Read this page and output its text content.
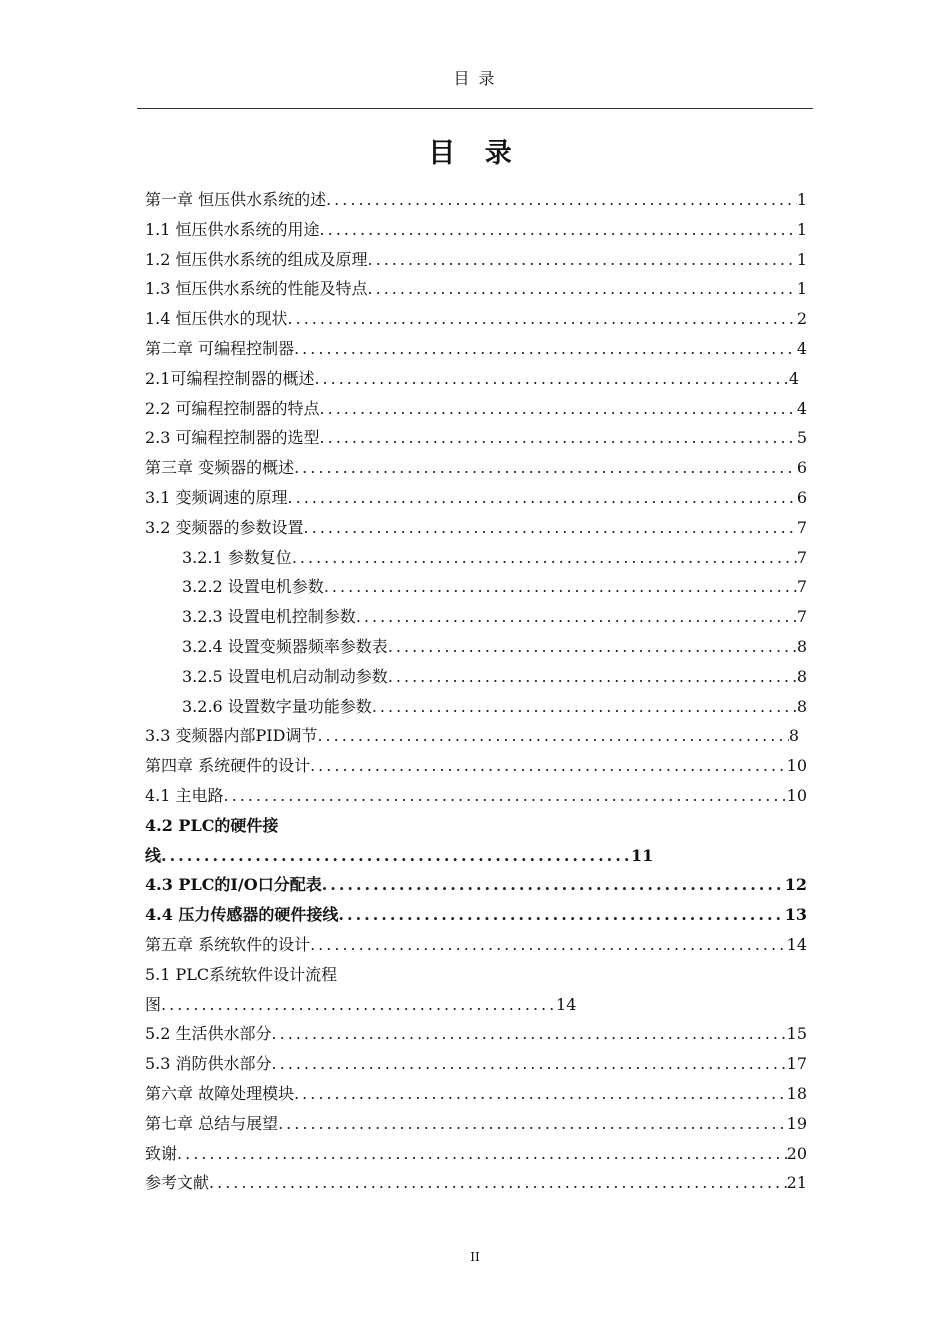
目 录
目 录
第一章 恒压供水系统的述 .....	1
1.1 恒压供水系统的用途 .....	1
1.2 恒压供水系统的组成及原理 .....	1
1.3 恒压供水系统的性能及特点 .....	1
1.4 恒压供水的现状 .....	2
第二章 可编程控制器 .....	4
2.1可编程控制器的概述 .....	4
2.2 可编程控制器的特点 .....	4
2.3 可编程控制器的选型 .....	5
第三章 变频器的概述 .....	6
3.1 变频调速的原理 .....	6
3.2 变频器的参数设置 .....	7
3.2.1 参数复位 .....	7
3.2.2 设置电机参数 .....	7
3.2.3 设置电机控制参数 .....	7
3.2.4 设置变频器频率参数表 .....	8
3.2.5 设置电机启动制动参数 .....	8
3.2.6 设置数字量功能参数 .....	8
3.3 变频器内部PID调节 .....	8
第四章 系统硬件的设计 .....	10
4.1 主电路 .....	10
4.2 PLC的硬件接
线 .....	11
4.3 PLC的I/O口分配表 .....	12
4.4 压力传感器的硬件接线 .....	13
第五章 系统软件的设计 .....	14
5.1 PLC系统软件设计流程
图 .....	14
5.2 生活供水部分 .....	15
5.3 消防供水部分 .....	17
第六章 故障处理模块 .....	18
第七章 总结与展望 .....	19
致谢 .....	20
参考文献 .....	21
II
